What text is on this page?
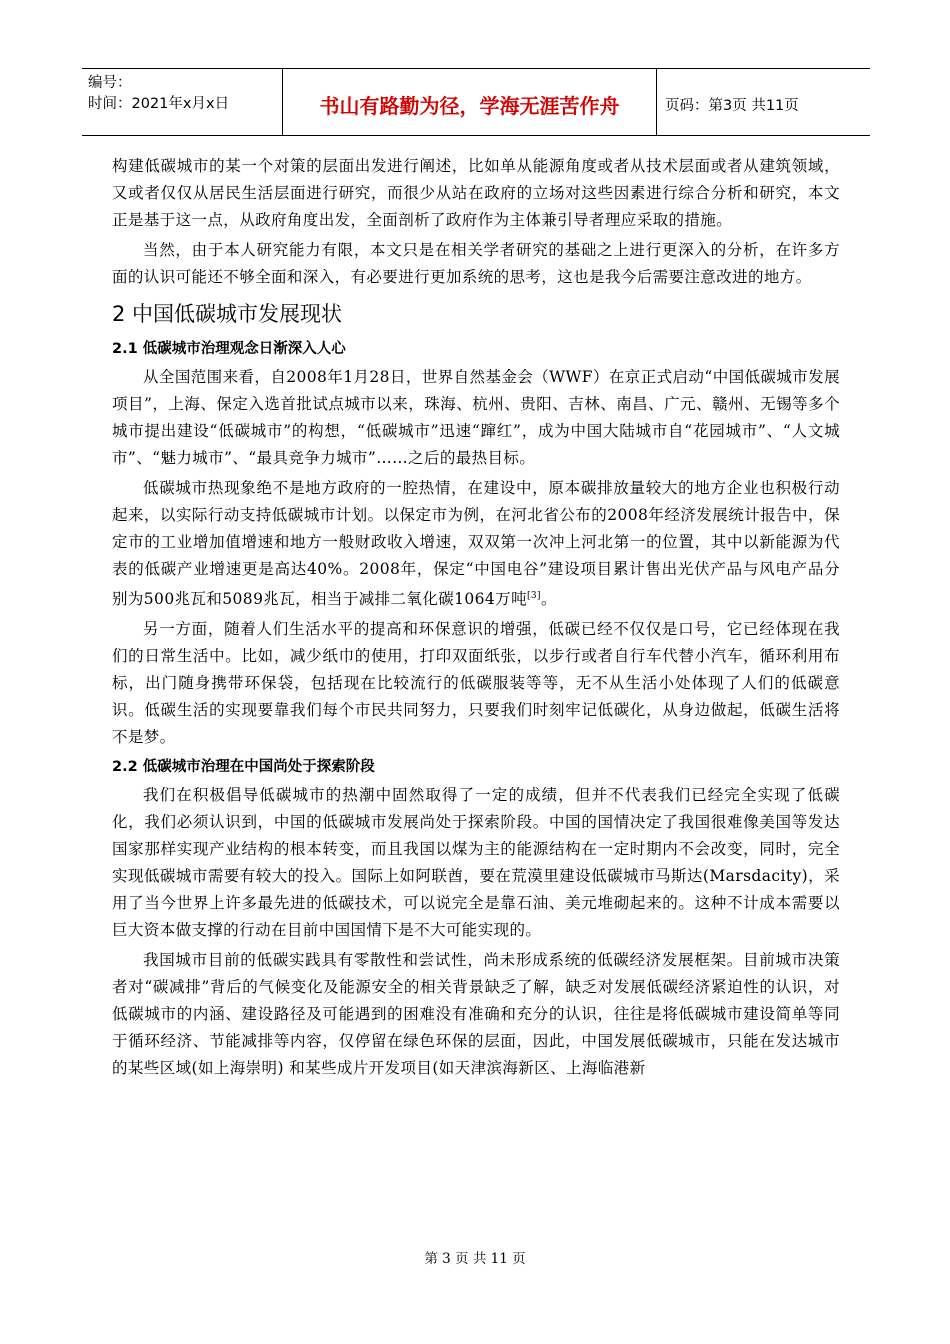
编号：
时间：2021年x月x日	书山有路勤为径，学海无涯苦作舟	页码：第3页 共11页

构建低碳城市的某一个对策的层面出发进行阐述，比如单从能源角度或者从技术层面或者从建筑领域，又或者仅仅从居民生活层面进行研究，而很少从站在政府的立场对这些因素进行综合分析和研究，本文正是基于这一点，从政府角度出发，全面剖析了政府作为主体兼引导者理应采取的措施。

当然，由于本人研究能力有限，本文只是在相关学者研究的基础之上进行更深入的分析，在许多方面的认识可能还不够全面和深入，有必要进行更加系统的思考，这也是我今后需要注意改进的地方。

2 中国低碳城市发展现状
2.1 低碳城市治理观念日渐深入人心

从全国范围来看，自2008年1月28日，世界自然基金会（WWF）在京正式启动“中国低碳城市发展项目”，上海、保定入选首批试点城市以来，珠海、杭州、贵阳、吉林、南昌、广元、赣州、无锡等多个城市提出建设“低碳城市”的构想，“低碳城市”迅速“蹿红”，成为中国大陆城市自“花园城市”、“人文城市”、“魅力城市”、“最具竞争力城市”……之后的最热目标。

低碳城市热现象绝不是地方政府的一腔热情，在建设中，原本碳排放量较大的地方企业也积极行动起来，以实际行动支持低碳城市计划。以保定市为例，在河北省公布的2008年经济发展统计报告中，保定市的工业增加值增速和地方一般财政收入增速，双双第一次冲上河北第一的位置，其中以新能源为代表的低碳产业增速更是高达40%。2008年，保定“中国电谷”建设项目累计售出光伏产品与风电产品分别为500兆瓦和5089兆瓦，相当于减排二氧化碳1064万吨[3]。

另一方面，随着人们生活水平的提高和环保意识的增强，低碳已经不仅仅是口号，它已经体现在我们的日常生活中。比如，减少纸巾的使用，打印双面纸张，以步行或者自行车代替小汽车，循环利用布标，出门随身携带环保袋，包括现在比较流行的低碳服装等等，无不从生活小处体现了人们的低碳意识。低碳生活的实现要靠我们每个市民共同努力，只要我们时刻牢记低碳化，从身边做起，低碳生活将不是梦。

2.2 低碳城市治理在中国尚处于探索阶段

我们在积极倡导低碳城市的热潮中固然取得了一定的成绩，但并不代表我们已经完全实现了低碳化，我们必须认识到，中国的低碳城市发展尚处于探索阶段。中国的国情决定了我国很难像美国等发达国家那样实现产业结构的根本转变，而且我国以煤为主的能源结构在一定时期内不会改变，同时，完全实现低碳城市需要有较大的投入。国际上如阿联酋，要在荒漠里建设低碳城市马斯达(Marsdacity)，采用了当今世界上许多最先进的低碳技术，可以说完全是靠石油、美元堆砌起来的。这种不计成本需要以巨大资本做支撑的行动在目前中国国情下是不大可能实现的。

我国城市目前的低碳实践具有零散性和尝试性，尚未形成系统的低碳经济发展框架。目前城市决策者对“碳减排”背后的气候变化及能源安全的相关背景缺乏了解，缺乏对发展低碳经济紧迫性的认识，对低碳城市的内涵、建设路径及可能遇到的困难没有准确和充分的认识，往往是将低碳城市建设简单等同于循环经济、节能减排等内容，仅停留在绿色环保的层面，因此，中国发展低碳城市，只能在发达城市的某些区域(如上海崇明) 和某些成片开发项目(如天津滨海新区、上海临港新

第 3 页 共 11 页
